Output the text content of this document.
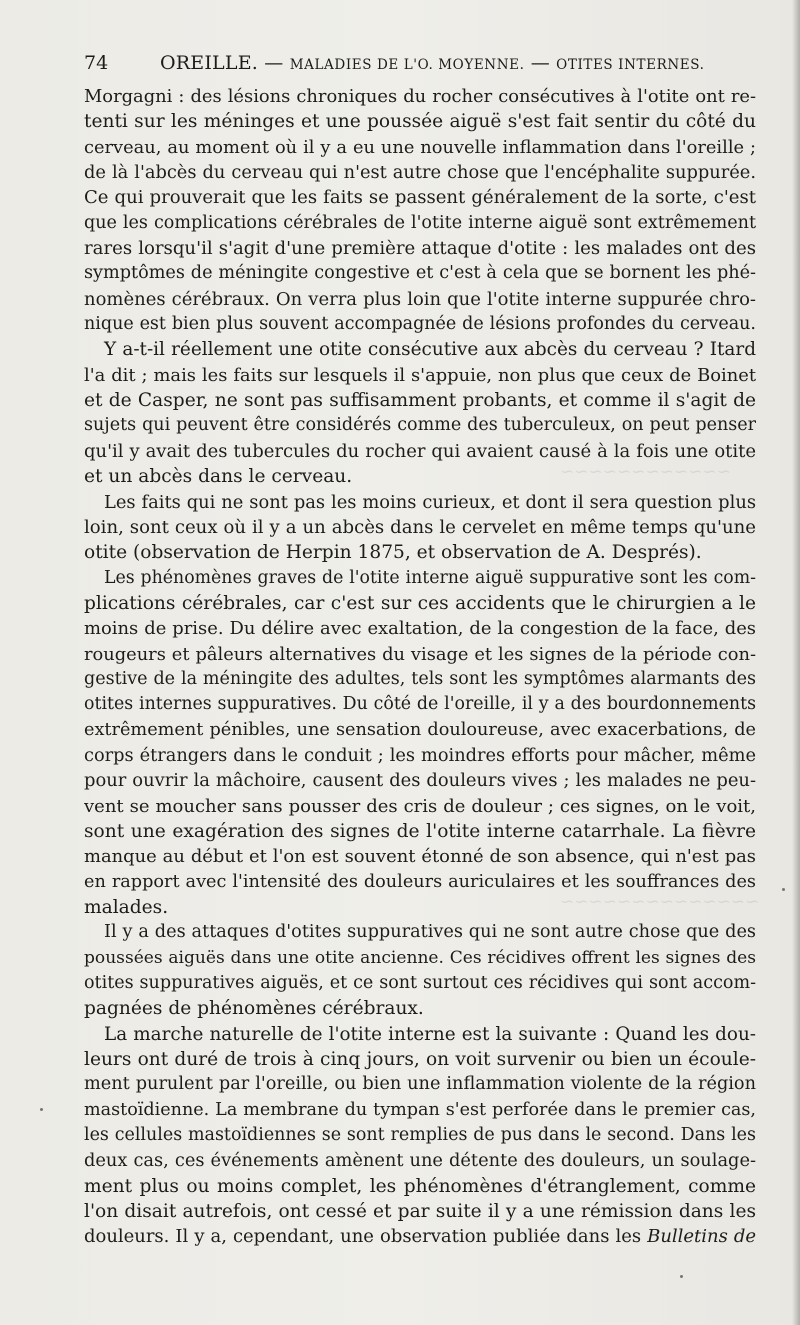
~~~~~~~~~~~~
~~~~~~~~~~~~~~
74	OREILLE. — MALADIES DE L'O. MOYENNE. — OTITES INTERNES.
Morgagni : des lésions chroniques du rocher consécutives à l'otite ont re-
tenti sur les méninges et une poussée aiguë s'est fait sentir du côté du
cerveau, au moment où il y a eu une nouvelle inflammation dans l'oreille ;
de là l'abcès du cerveau qui n'est autre chose que l'encéphalite suppurée.
Ce qui prouverait que les faits se passent généralement de la sorte, c'est
que les complications cérébrales de l'otite interne aiguë sont extrêmement
rares lorsqu'il s'agit d'une première attaque d'otite : les malades ont des
symptômes de méningite congestive et c'est à cela que se bornent les phé-
nomènes cérébraux. On verra plus loin que l'otite interne suppurée chro-
nique est bien plus souvent accompagnée de lésions profondes du cerveau.
Y a-t-il réellement une otite consécutive aux abcès du cerveau ? Itard
l'a dit ; mais les faits sur lesquels il s'appuie, non plus que ceux de Boinet
et de Casper, ne sont pas suffisamment probants, et comme il s'agit de
sujets qui peuvent être considérés comme des tuberculeux, on peut penser
qu'il y avait des tubercules du rocher qui avaient causé à la fois une otite
et un abcès dans le cerveau.
Les faits qui ne sont pas les moins curieux, et dont il sera question plus
loin, sont ceux où il y a un abcès dans le cervelet en même temps qu'une
otite (observation de Herpin 1875, et observation de A. Després).
Les phénomènes graves de l'otite interne aiguë suppurative sont les com-
plications cérébrales, car c'est sur ces accidents que le chirurgien a le
moins de prise. Du délire avec exaltation, de la congestion de la face, des
rougeurs et pâleurs alternatives du visage et les signes de la période con-
gestive de la méningite des adultes, tels sont les symptômes alarmants des
otites internes suppuratives. Du côté de l'oreille, il y a des bourdonnements
extrêmement pénibles, une sensation douloureuse, avec exacerbations, de
corps étrangers dans le conduit ; les moindres efforts pour mâcher, même
pour ouvrir la mâchoire, causent des douleurs vives ; les malades ne peu-
vent se moucher sans pousser des cris de douleur ; ces signes, on le voit,
sont une exagération des signes de l'otite interne catarrhale. La fièvre
manque au début et l'on est souvent étonné de son absence, qui n'est pas
en rapport avec l'intensité des douleurs auriculaires et les souffrances des
malades.
Il y a des attaques d'otites suppuratives qui ne sont autre chose que des
poussées aiguës dans une otite ancienne. Ces récidives offrent les signes des
otites suppuratives aiguës, et ce sont surtout ces récidives qui sont accom-
pagnées de phénomènes cérébraux.
La marche naturelle de l'otite interne est la suivante : Quand les dou-
leurs ont duré de trois à cinq jours, on voit survenir ou bien un écoule-
ment purulent par l'oreille, ou bien une inflammation violente de la région
mastoïdienne. La membrane du tympan s'est perforée dans le premier cas,
les cellules mastoïdiennes se sont remplies de pus dans le second. Dans les
deux cas, ces événements amènent une détente des douleurs, un soulage-
ment plus ou moins complet, les phénomènes d'étranglement, comme
l'on disait autrefois, ont cessé et par suite il y a une rémission dans les
douleurs. Il y a, cependant, une observation publiée dans les Bulletins de
